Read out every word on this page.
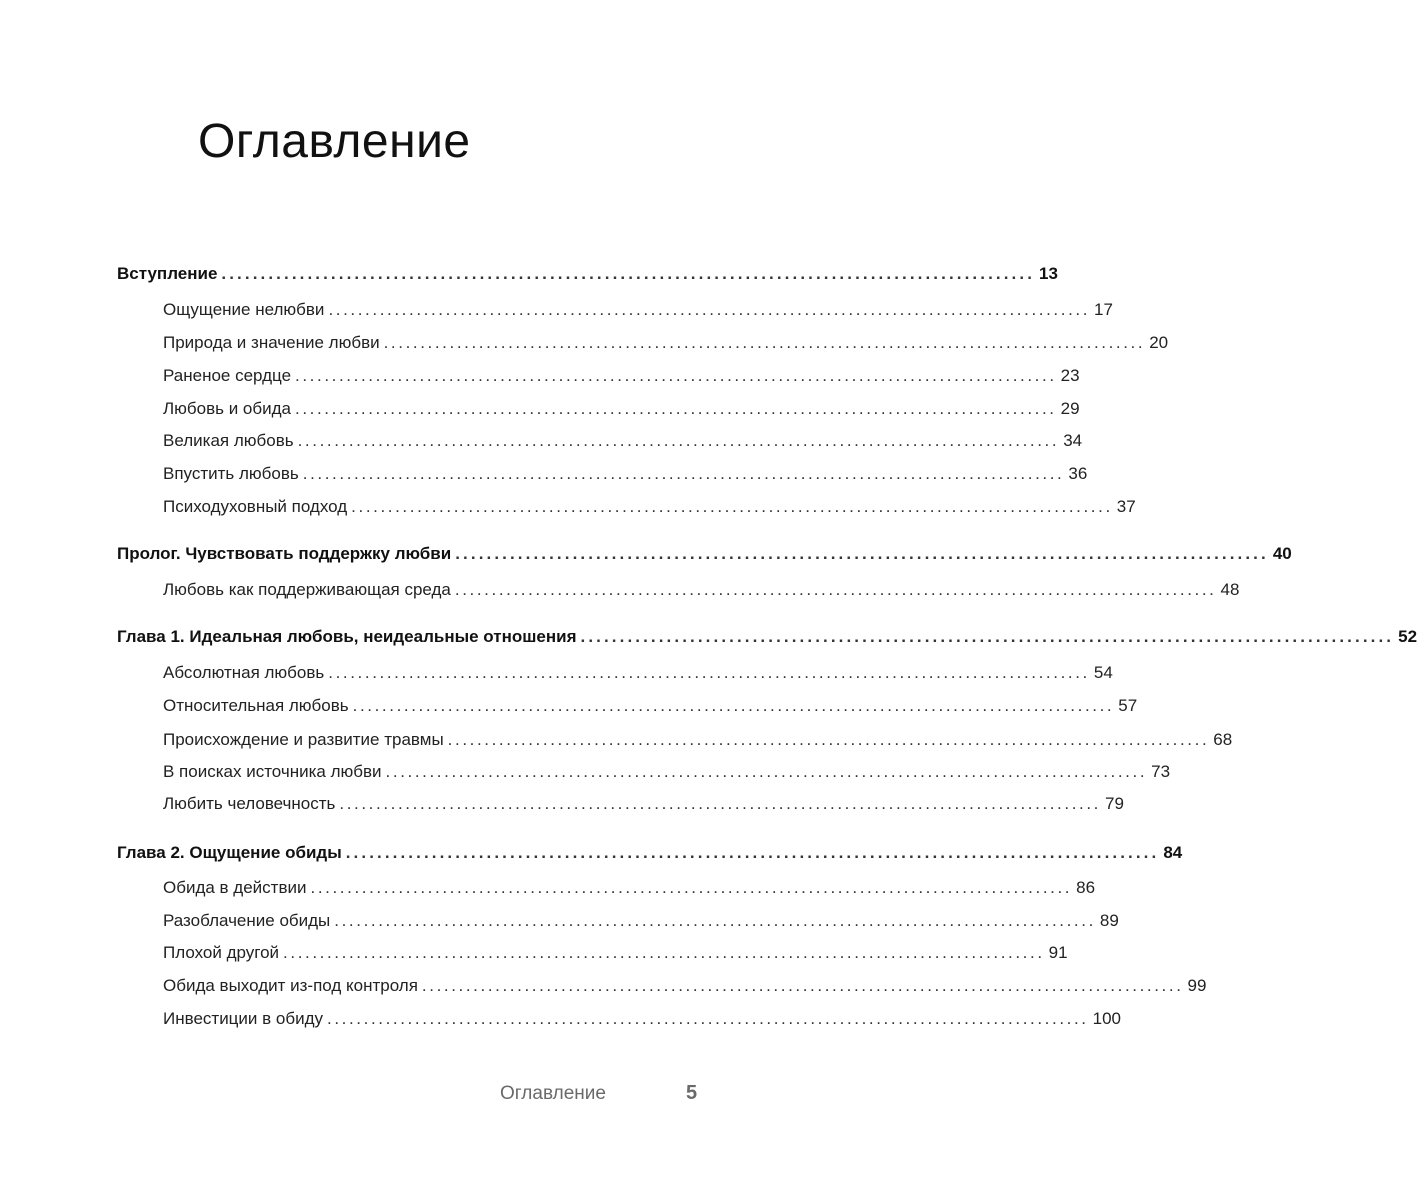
Оглавление
Вступление ........................................................................................................ 13
Ощущение нелюбви ........................................................................................................ 17
Природа и значение любви ........................................................................................................ 20
Раненое сердце ........................................................................................................ 23
Любовь и обида ........................................................................................................ 29
Великая любовь ........................................................................................................ 34
Впустить любовь ........................................................................................................ 36
Психодуховный подход ........................................................................................................ 37
Пролог. Чувствовать поддержку любви ........................................................................................................ 40
Любовь как поддерживающая среда ........................................................................................................ 48
Глава 1. Идеальная любовь, неидеальные отношения ........................................................................................................ 52
Абсолютная любовь ........................................................................................................ 54
Относительная любовь ........................................................................................................ 57
Происхождение и развитие травмы ........................................................................................................ 68
В поисках источника любви ........................................................................................................ 73
Любить человечность ........................................................................................................ 79
Глава 2. Ощущение обиды ........................................................................................................ 84
Обида в действии ........................................................................................................ 86
Разоблачение обиды ........................................................................................................ 89
Плохой другой ........................................................................................................ 91
Обида выходит из-под контроля ........................................................................................................ 99
Инвестиции в обиду ........................................................................................................ 100
Оглавление	5
